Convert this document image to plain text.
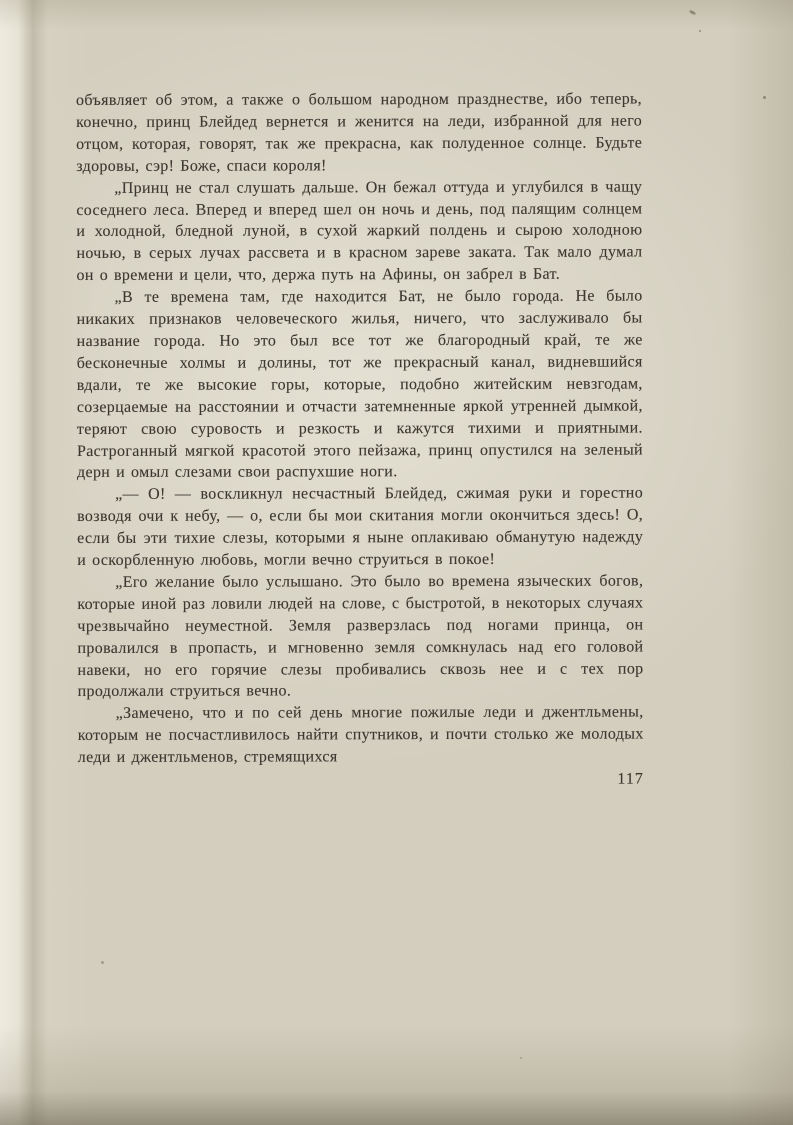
объявляет об этом, а также о большом народном празднестве, ибо теперь, конечно, принц Блейдед вернется и женится на леди, избранной для него отцом, которая, говорят, так же прекрасна, как полуденное солнце. Будьте здоровы, сэр! Боже, спаси короля!

„Принц не стал слушать дальше. Он бежал оттуда и углубился в чащу соседнего леса. Вперед и вперед шел он ночь и день, под палящим солнцем и холодной, бледной луной, в сухой жаркий полдень и сырою холодною ночью, в серых лучах рассвета и в красном зареве заката. Так мало думал он о времени и цели, что, держа путь на Афины, он забрел в Бат.

„В те времена там, где находится Бат, не было города. Не было никаких признаков человеческого жилья, ничего, что заслуживало бы название города. Но это был все тот же благородный край, те же бесконечные холмы и долины, тот же прекрасный канал, видневшийся вдали, те же высокие горы, которые, подобно житейским невзгодам, созерцаемые на расстоянии и отчасти затемненные яркой утренней дымкой, теряют свою суровость и резкость и кажутся тихими и приятными. Растроганный мягкой красотой этого пейзажа, принц опустился на зеленый дерн и омыл слезами свои распухшие ноги.

„— О! — воскликнул несчастный Блейдед, сжимая руки и горестно возводя очи к небу, — о, если бы мои скитания могли окончиться здесь! О, если бы эти тихие слезы, которыми я ныне оплакиваю обманутую надежду и оскорбленную любовь, могли вечно струиться в покое!

„Его желание было услышано. Это было во времена языческих богов, которые иной раз ловили людей на слове, с быстротой, в некоторых случаях чрезвычайно неуместной. Земля разверзлась под ногами принца, он провалился в пропасть, и мгновенно земля сомкнулась над его головой навеки, но его горячие слезы пробивались сквозь нее и с тех пор продолжали струиться вечно.

„Замечено, что и по сей день многие пожилые леди и джентльмены, которым не посчастливилось найти спутников, и почти столько же молодых леди и джентльменов, стремящихся

117
